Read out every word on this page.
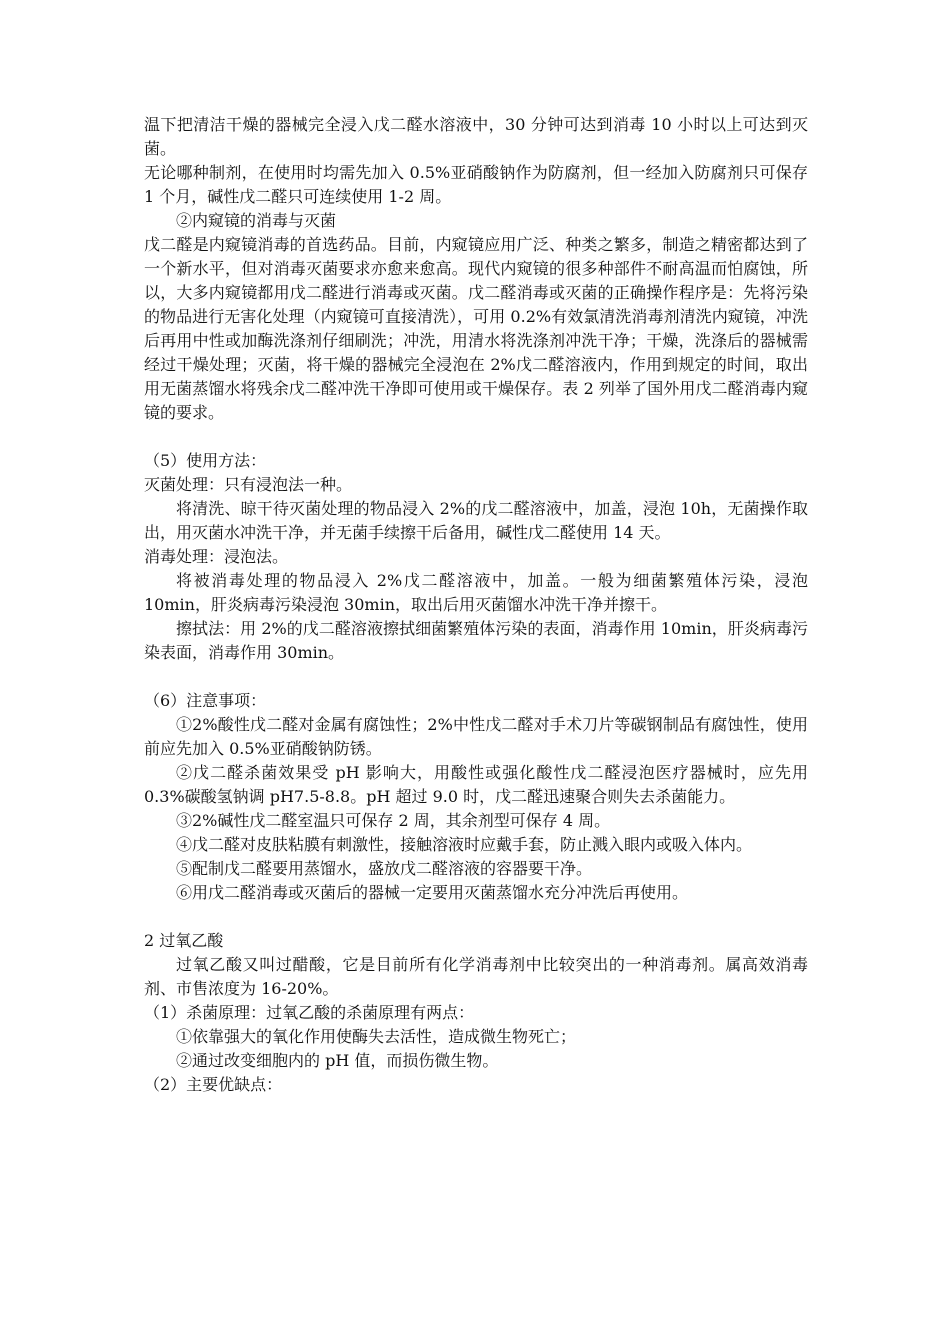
温下把清洁干燥的器械完全浸入戊二醛水溶液中，30 分钟可达到消毒 10 小时以上可达到灭菌。

无论哪种制剂，在使用时均需先加入 0.5%亚硝酸钠作为防腐剂，但一经加入防腐剂只可保存 1 个月，碱性戊二醛只可连续使用 1-2 周。

②内窥镜的消毒与灭菌

戊二醛是内窥镜消毒的首选药品。目前，内窥镜应用广泛、种类之繁多，制造之精密都达到了一个新水平，但对消毒灭菌要求亦愈来愈高。现代内窥镜的很多种部件不耐高温而怕腐蚀，所以，大多内窥镜都用戊二醛进行消毒或灭菌。戊二醛消毒或灭菌的正确操作程序是：先将污染的物品进行无害化处理（内窥镜可直接清洗），可用 0.2%有效氯清洗消毒剂清洗内窥镜，冲洗后再用中性或加酶洗涤剂仔细刷洗；冲洗，用清水将洗涤剂冲洗干净；干燥，洗涤后的器械需经过干燥处理；灭菌，将干燥的器械完全浸泡在 2%戊二醛溶液内，作用到规定的时间，取出用无菌蒸馏水将残余戊二醛冲洗干净即可使用或干燥保存。表 2 列举了国外用戊二醛消毒内窥镜的要求。

（5）使用方法：

灭菌处理：只有浸泡法一种。

将清洗、晾干待灭菌处理的物品浸入 2%的戊二醛溶液中，加盖，浸泡 10h，无菌操作取出，用灭菌水冲洗干净，并无菌手续擦干后备用，碱性戊二醛使用 14 天。

消毒处理：浸泡法。

将被消毒处理的物品浸入 2%戊二醛溶液中，加盖。一般为细菌繁殖体污染，浸泡 10min，肝炎病毒污染浸泡 30min，取出后用灭菌馏水冲洗干净并擦干。

擦拭法：用 2%的戊二醛溶液擦拭细菌繁殖体污染的表面，消毒作用 10min，肝炎病毒污染表面，消毒作用 30min。

（6）注意事项：

①2%酸性戊二醛对金属有腐蚀性；2%中性戊二醛对手术刀片等碳钢制品有腐蚀性，使用前应先加入 0.5%亚硝酸钠防锈。

②戊二醛杀菌效果受 pH 影响大，用酸性或强化酸性戊二醛浸泡医疗器械时，应先用 0.3%碳酸氢钠调 pH7.5-8.8。pH 超过 9.0 时，戊二醛迅速聚合则失去杀菌能力。

③2%碱性戊二醛室温只可保存 2 周，其余剂型可保存 4 周。

④戊二醛对皮肤粘膜有刺激性，接触溶液时应戴手套，防止溅入眼内或吸入体内。

⑤配制戊二醛要用蒸馏水，盛放戊二醛溶液的容器要干净。

⑥用戊二醛消毒或灭菌后的器械一定要用灭菌蒸馏水充分冲洗后再使用。

2 过氧乙酸

过氧乙酸又叫过醋酸，它是目前所有化学消毒剂中比较突出的一种消毒剂。属高效消毒剂、市售浓度为 16-20%。

（1）杀菌原理：过氧乙酸的杀菌原理有两点：

①依靠强大的氧化作用使酶失去活性，造成微生物死亡；

②通过改变细胞内的 pH 值，而损伤微生物。

（2）主要优缺点：
